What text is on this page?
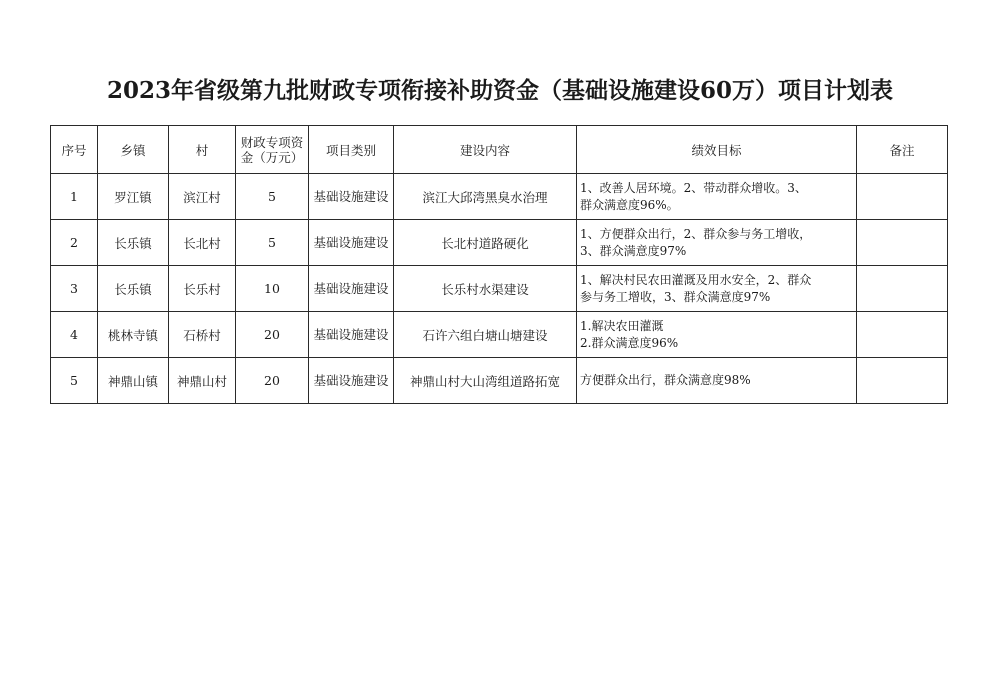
2023年省级第九批财政专项衔接补助资金（基础设施建设60万）项目计划表
序号	乡镇	村	财政专项资金（万元）	项目类别	建设内容	绩效目标	备注
1	罗江镇	滨江村	5	基础设施建设	滨江大邱湾黑臭水治理	1、改善人居环境。2、带动群众增收。3、
群众满意度96%。	

2	长乐镇	长北村	5	基础设施建设	长北村道路硬化	1、方便群众出行，2、群众参与务工增收，
3、群众满意度97%	

3	长乐镇	长乐村	10	基础设施建设	长乐村水渠建设	1、解决村民农田灌溉及用水安全，2、群众
参与务工增收，3、群众满意度97%	

4	桃林寺镇	石桥村	20	基础设施建设	石许六组白塘山塘建设	1.解决农田灌溉
2.群众满意度96%	

5	神鼎山镇	神鼎山村	20	基础设施建设	神鼎山村大山湾组道路拓宽	方便群众出行，群众满意度98%	
